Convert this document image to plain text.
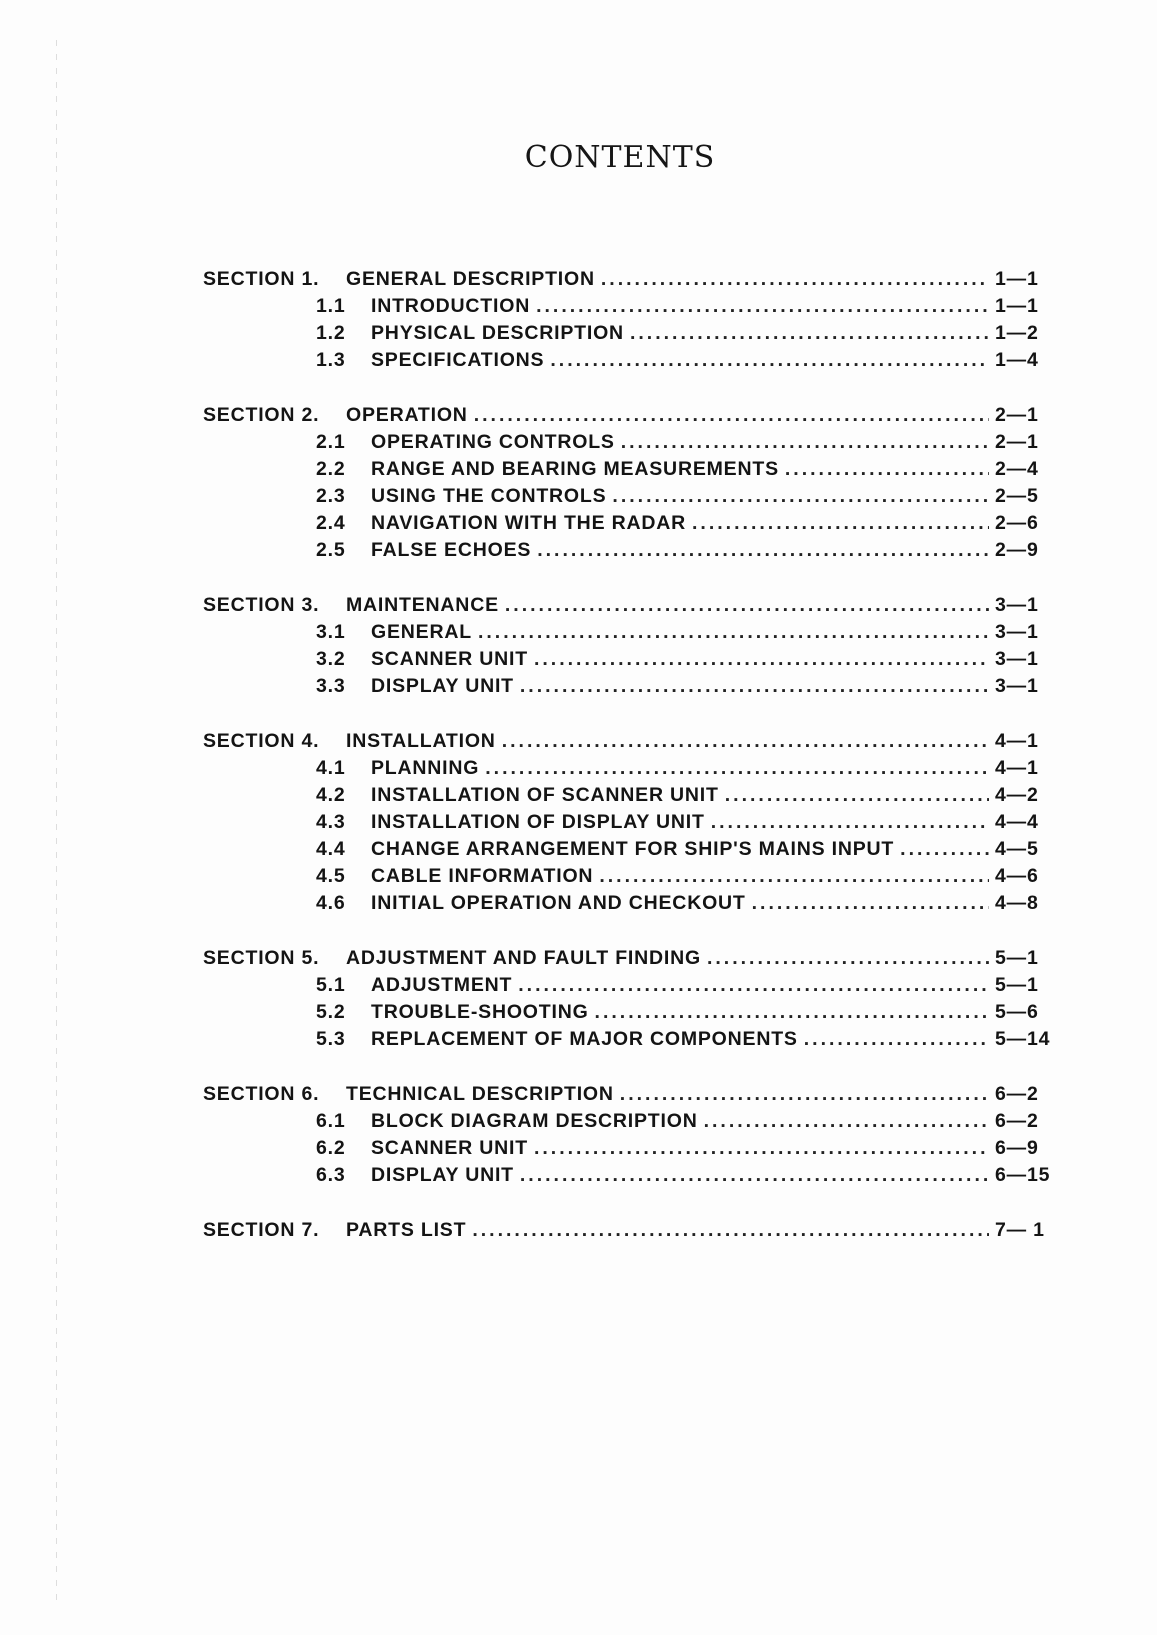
CONTENTS
SECTION 1.	GENERAL DESCRIPTION .....	1—1
1.1	INTRODUCTION .....	1—1
1.2	PHYSICAL DESCRIPTION .....	1—2
1.3	SPECIFICATIONS .....	1—4
SECTION 2.	OPERATION .....	2—1
2.1	OPERATING CONTROLS .....	2—1
2.2	RANGE AND BEARING MEASUREMENTS .....	2—4
2.3	USING THE CONTROLS .....	2—5
2.4	NAVIGATION WITH THE RADAR .....	2—6
2.5	FALSE ECHOES .....	2—9
SECTION 3.	MAINTENANCE .....	3—1
3.1	GENERAL .....	3—1
3.2	SCANNER UNIT .....	3—1
3.3	DISPLAY UNIT .....	3—1
SECTION 4.	INSTALLATION .....	4—1
4.1	PLANNING .....	4—1
4.2	INSTALLATION OF SCANNER UNIT .....	4—2
4.3	INSTALLATION OF DISPLAY UNIT .....	4—4
4.4	CHANGE ARRANGEMENT FOR SHIP'S MAINS INPUT .....	4—5
4.5	CABLE INFORMATION .....	4—6
4.6	INITIAL OPERATION AND CHECKOUT .....	4—8
SECTION 5.	ADJUSTMENT AND FAULT FINDING .....	5—1
5.1	ADJUSTMENT .....	5—1
5.2	TROUBLE-SHOOTING .....	5—6
5.3	REPLACEMENT OF MAJOR COMPONENTS .....	5—14
SECTION 6.	TECHNICAL DESCRIPTION .....	6—2
6.1	BLOCK DIAGRAM DESCRIPTION .....	6—2
6.2	SCANNER UNIT .....	6—9
6.3	DISPLAY UNIT .....	6—15
SECTION 7.	PARTS LIST .....	7— 1
